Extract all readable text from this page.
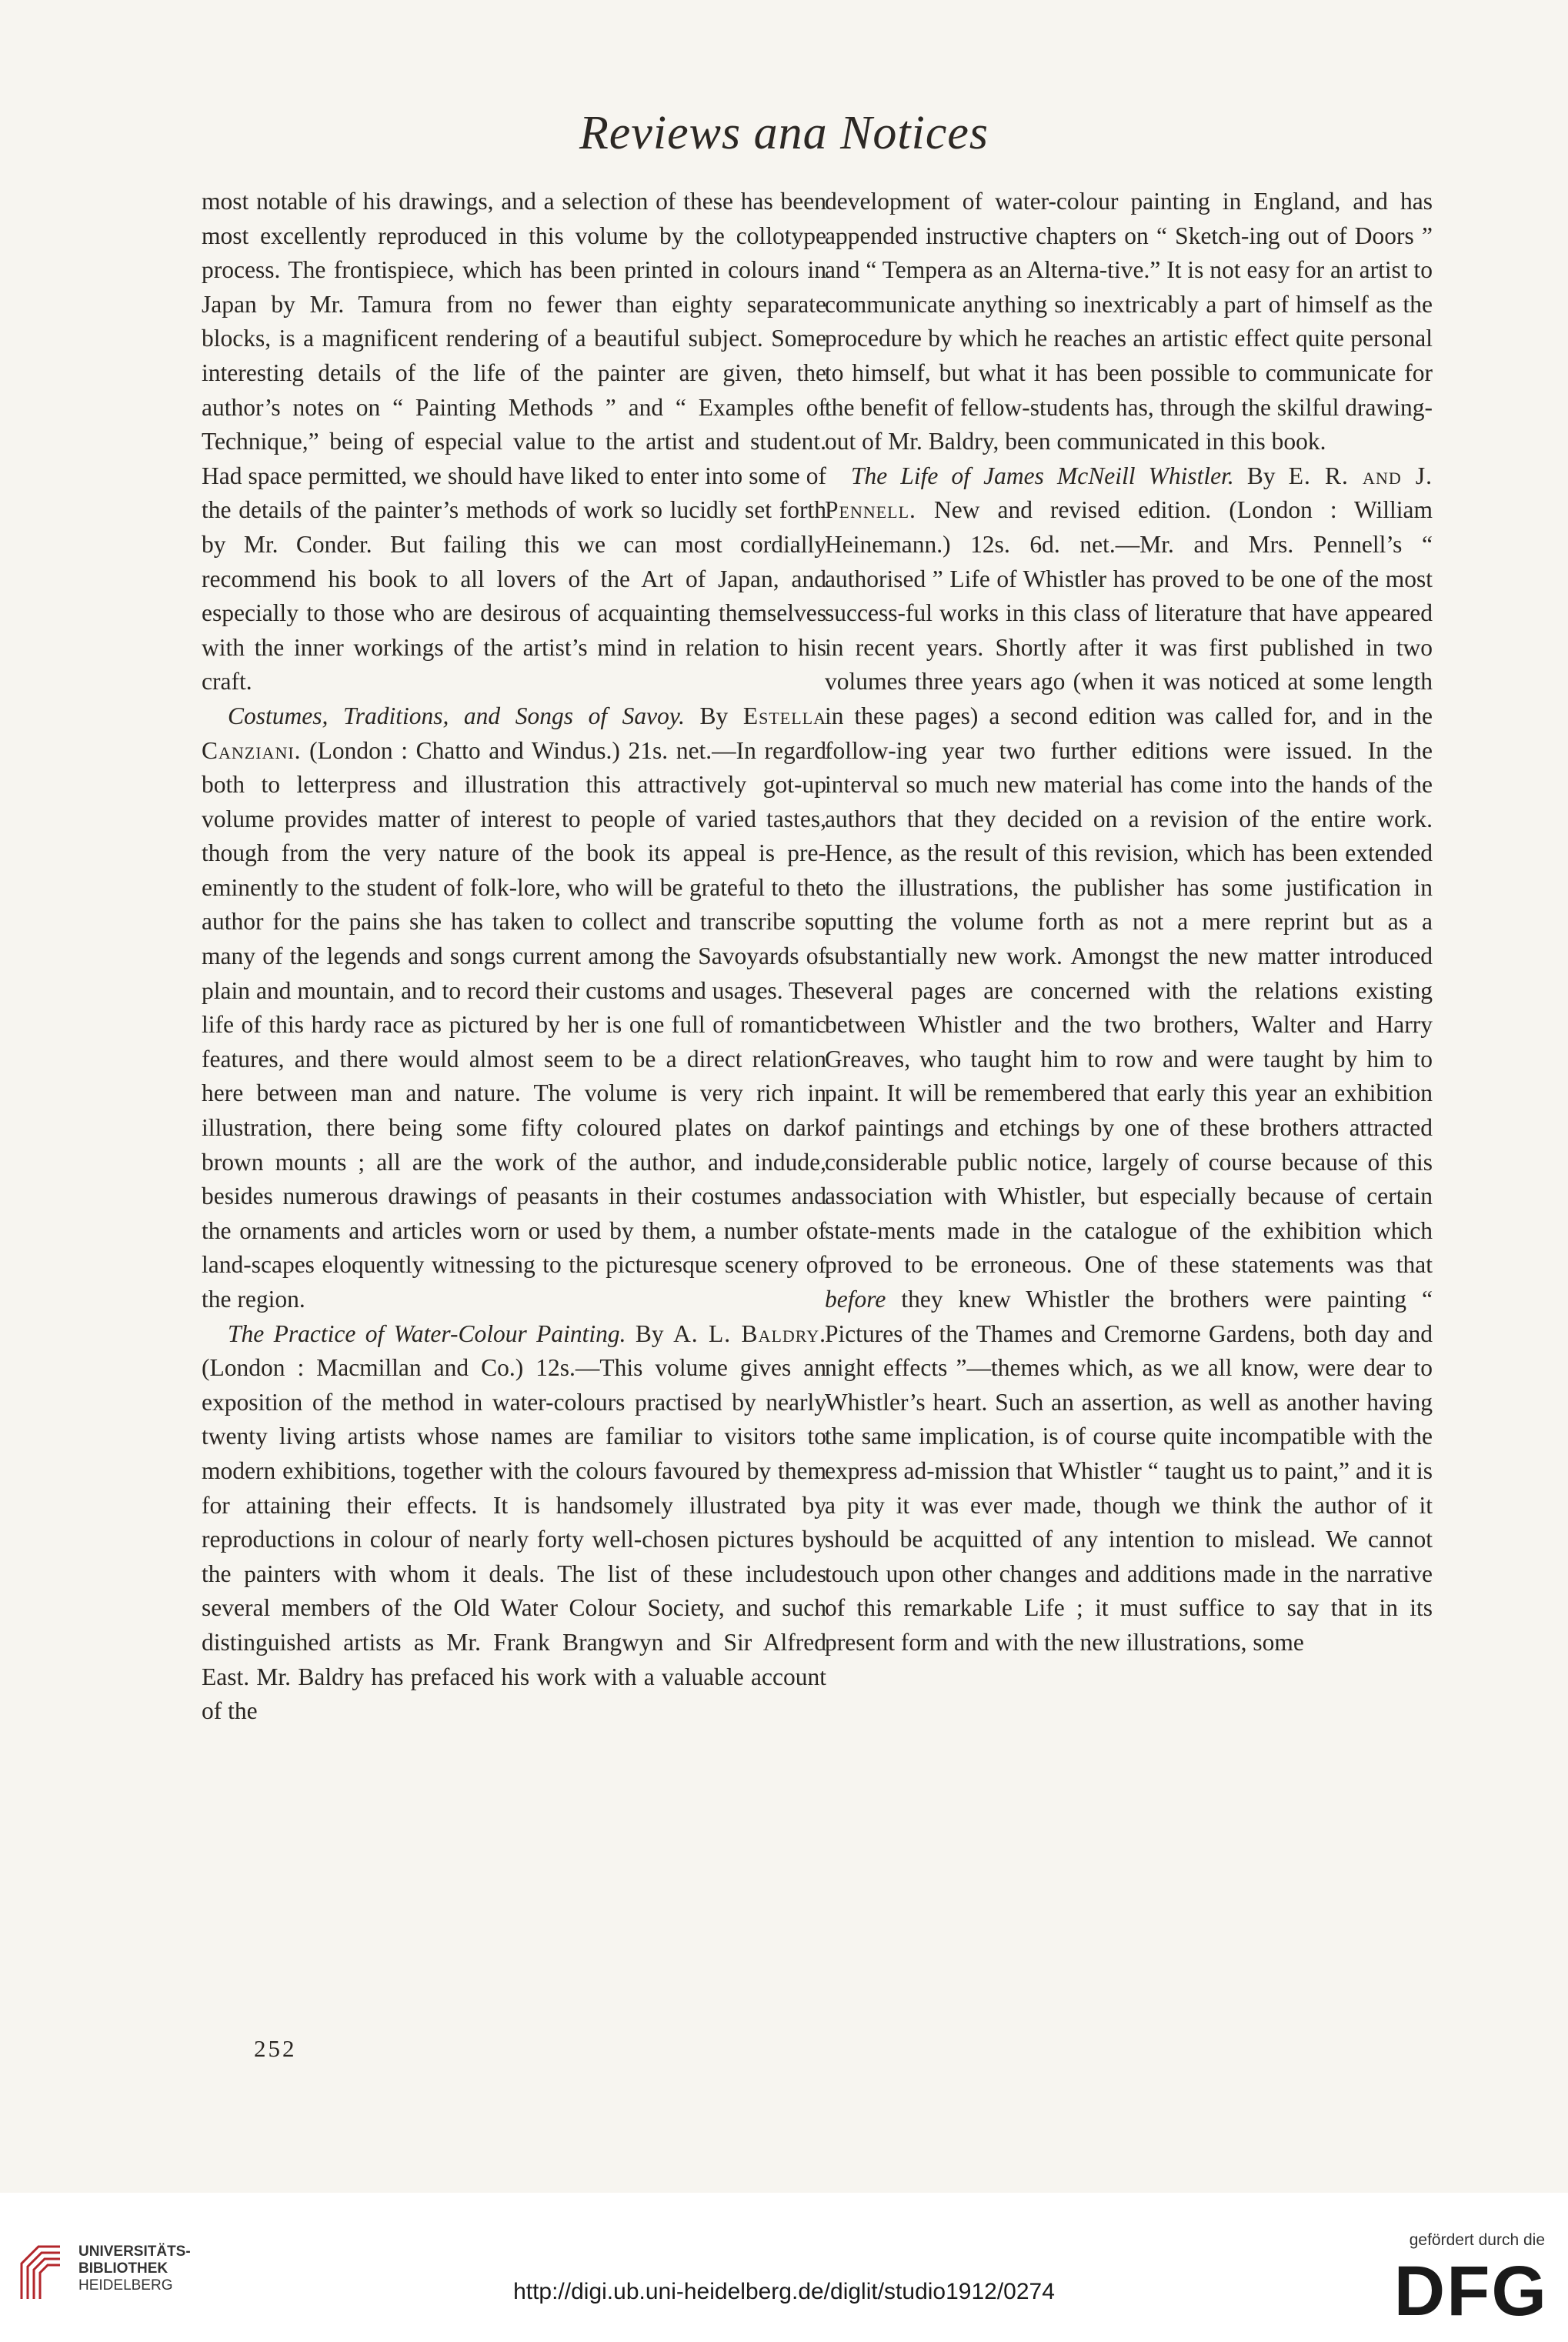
Reviews ana Notices

most notable of his drawings, and a selection of these has been most excellently reproduced in this volume by the collotype process. The frontispiece, which has been printed in colours in Japan by Mr. Tamura from no fewer than eighty separate blocks, is a magnificent rendering of a beautiful subject. Some interesting details of the life of the painter are given, the author’s notes on “ Painting Methods ” and “ Examples of Technique,” being of especial value to the artist and student. Had space permitted, we should have liked to enter into some of the details of the painter’s methods of work so lucidly set forth by Mr. Conder. But failing this we can most cordially recommend his book to all lovers of the Art of Japan, and especially to those who are desirous of acquainting themselves with the inner workings of the artist’s mind in relation to his craft.

Costumes, Traditions, and Songs of Savoy. By Estella Canziani. (London : Chatto and Windus.) 21s. net.—In regard both to letterpress and illustration this attractively got-up volume provides matter of interest to people of varied tastes, though from the very nature of the book its appeal is pre-eminently to the student of folk-lore, who will be grateful to the author for the pains she has taken to collect and transcribe so many of the legends and songs current among the Savoyards of plain and mountain, and to record their customs and usages. The life of this hardy race as pictured by her is one full of romantic features, and there would almost seem to be a direct relation here between man and nature. The volume is very rich in illustration, there being some fifty coloured plates on dark brown mounts ; all are the work of the author, and indude, besides numerous drawings of peasants in their costumes and the ornaments and articles worn or used by them, a number of land-scapes eloquently witnessing to the picturesque scenery of the region.

The Practice of Water-Colour Painting. By A. L. Baldry. (London : Macmillan and Co.) 12s.—This volume gives an exposition of the method in water-colours practised by nearly twenty living artists whose names are familiar to visitors to modern exhibitions, together with the colours favoured by them for attaining their effects. It is handsomely illustrated by reproductions in colour of nearly forty well-chosen pictures by the painters with whom it deals. The list of these includes several members of the Old Water Colour Society, and such distinguished artists as Mr. Frank Brangwyn and Sir Alfred East. Mr. Baldry has prefaced his work with a valuable account of the

development of water-colour painting in England, and has appended instructive chapters on “ Sketch-ing out of Doors ” and “ Tempera as an Alterna-tive.” It is not easy for an artist to communicate anything so inextricably a part of himself as the procedure by which he reaches an artistic effect quite personal to himself, but what it has been possible to communicate for the benefit of fellow-students has, through the skilful drawing-out of Mr. Baldry, been communicated in this book.

The Life of James McNeill Whistler. By E. R. and J. Pennell. New and revised edition. (London : William Heinemann.) 12s. 6d. net.—Mr. and Mrs. Pennell’s “ authorised ” Life of Whistler has proved to be one of the most success-ful works in this class of literature that have appeared in recent years. Shortly after it was first published in two volumes three years ago (when it was noticed at some length in these pages) a second edition was called for, and in the follow-ing year two further editions were issued. In the interval so much new material has come into the hands of the authors that they decided on a revision of the entire work. Hence, as the result of this revision, which has been extended to the illustrations, the publisher has some justification in putting the volume forth as not a mere reprint but as a substantially new work. Amongst the new matter introduced several pages are concerned with the relations existing between Whistler and the two brothers, Walter and Harry Greaves, who taught him to row and were taught by him to paint. It will be remembered that early this year an exhibition of paintings and etchings by one of these brothers attracted considerable public notice, largely of course because of this association with Whistler, but especially because of certain state-ments made in the catalogue of the exhibition which proved to be erroneous. One of these statements was that before they knew Whistler the brothers were painting “ Pictures of the Thames and Cremorne Gardens, both day and night effects ”—themes which, as we all know, were dear to Whistler’s heart. Such an assertion, as well as another having the same implication, is of course quite incompatible with the express ad-mission that Whistler “ taught us to paint,” and it is a pity it was ever made, though we think the author of it should be acquitted of any intention to mislead. We cannot touch upon other changes and additions made in the narrative of this remarkable Life ; it must suffice to say that in its present form and with the new illustrations, some

252
UNIVERSITÄTS-
BIBLIOTHEK
HEIDELBERG	http://digi.ub.uni-heidelberg.de/diglit/studio1912/0274
gefördert durch die
DFG
